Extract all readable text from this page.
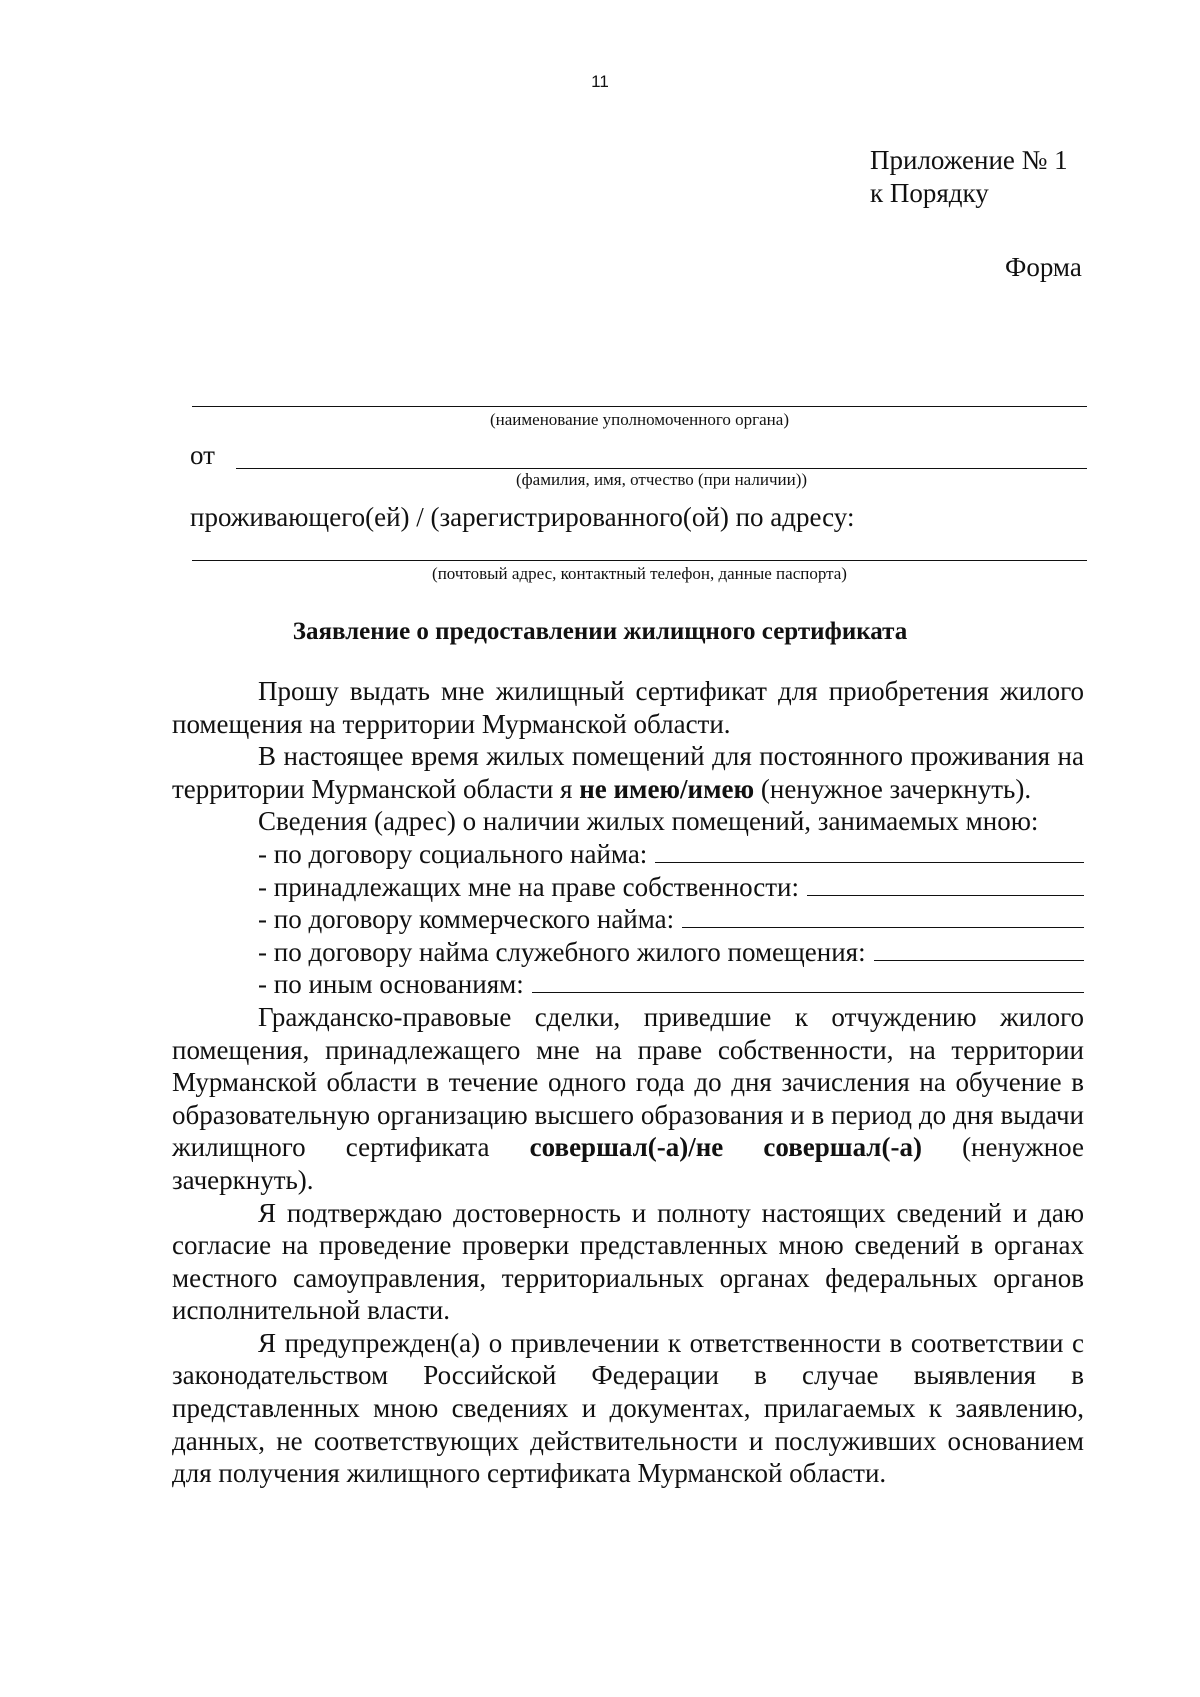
11
Приложение № 1
к Порядку
Форма
(наименование уполномоченного органа)
от
(фамилия, имя, отчество (при наличии))
проживающего(ей) / (зарегистрированного(ой) по адресу:
(почтовый адрес, контактный телефон, данные паспорта)
Заявление о предоставлении жилищного сертификата

Прошу выдать мне жилищный сертификат для приобретения жилого помещения на территории Мурманской области.

В настоящее время жилых помещений для постоянного проживания на территории Мурманской области я не имею/имею (ненужное зачеркнуть).

Сведения (адрес) о наличии жилых помещений, занимаемых мною:

- по договору социального найма:
- принадлежащих мне на праве собственности:
- по договору коммерческого найма:
- по договору найма служебного жилого помещения:
- по иным основаниям:

Гражданско-правовые сделки, приведшие к отчуждению жилого помещения, принадлежащего мне на праве собственности, на территории Мурманской области в течение одного года до дня зачисления на обучение в образовательную организацию высшего образования и в период до дня выдачи жилищного сертификата совершал(-а)/не совершал(-а) (ненужное зачеркнуть).

Я подтверждаю достоверность и полноту настоящих сведений и даю согласие на проведение проверки представленных мною сведений в органах местного самоуправления, территориальных органах федеральных органов исполнительной власти.

Я предупрежден(а) о привлечении к ответственности в соответствии с законодательством Российской Федерации в случае выявления в представленных мною сведениях и документах, прилагаемых к заявлению, данных, не соответствующих действительности и послуживших основанием для получения жилищного сертификата Мурманской области.
